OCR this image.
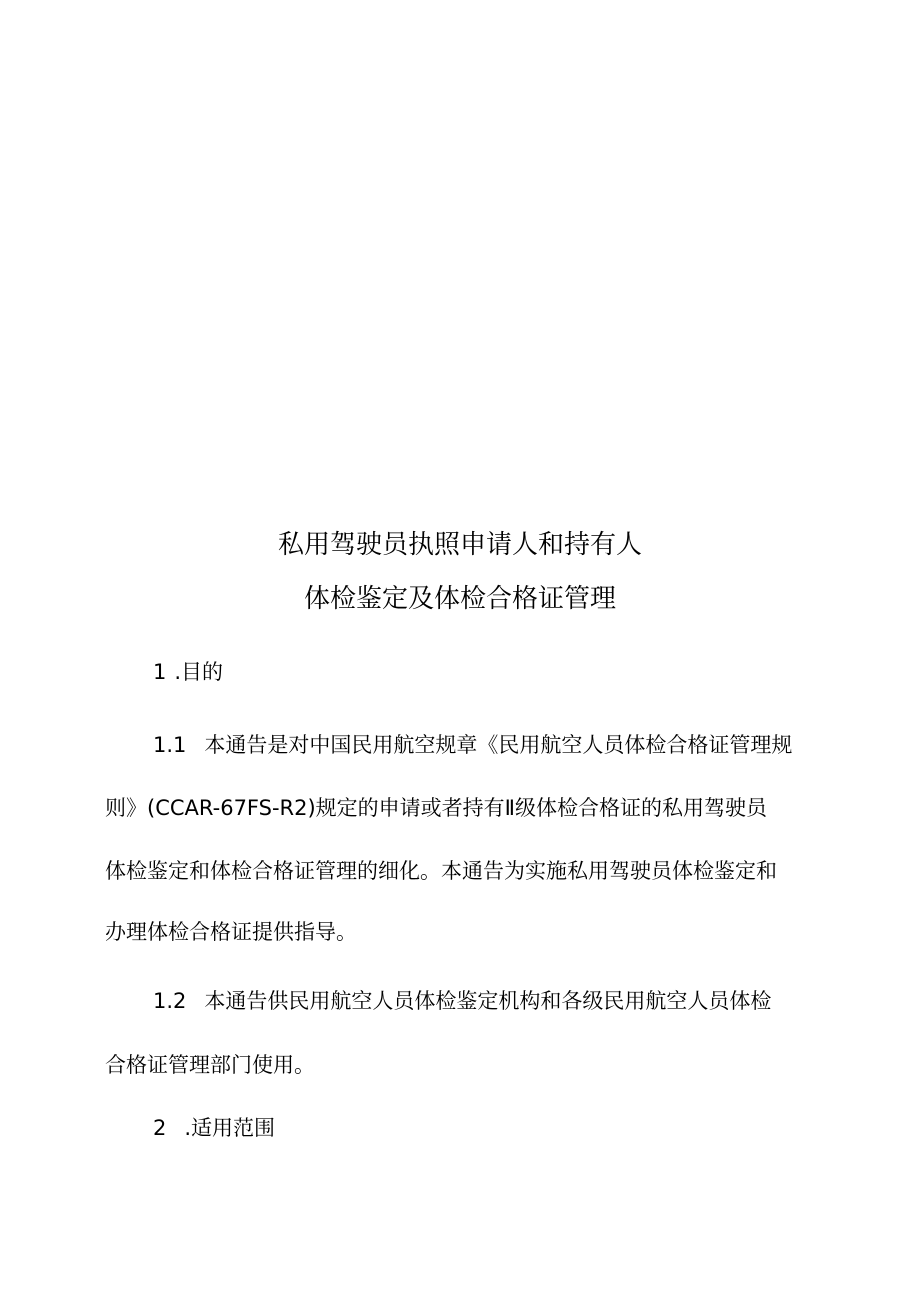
私用驾驶员执照申请人和持有人
体检鉴定及体检合格证管理
1 .目的
1.1 本通告是对中国民用航空规章《民用航空人员体检合格证管理规
则》(CCAR-67FS-R2)规定的申请或者持有Ⅱ级体检合格证的私用驾驶员
体检鉴定和体检合格证管理的细化。本通告为实施私用驾驶员体检鉴定和
办理体检合格证提供指导。
1.2 本通告供民用航空人员体检鉴定机构和各级民用航空人员体检
合格证管理部门使用。
2 .适用范围
